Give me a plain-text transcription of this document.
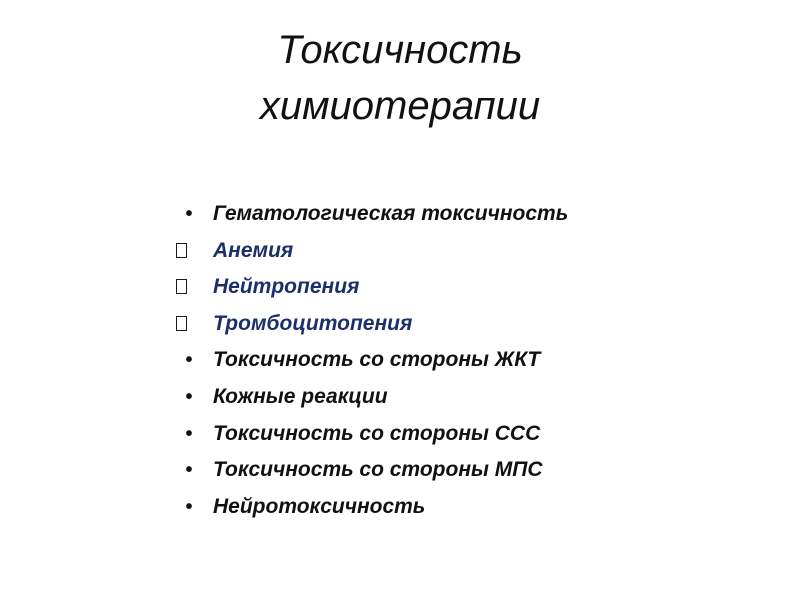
Токсичность
химиотерапии
• Гематологическая токсичность
Анемия
Нейтропения
Тромбоцитопения
• Токсичность со стороны ЖКТ
• Кожные реакции
• Токсичность со стороны ССС
• Токсичность со стороны МПС
• Нейротоксичность
